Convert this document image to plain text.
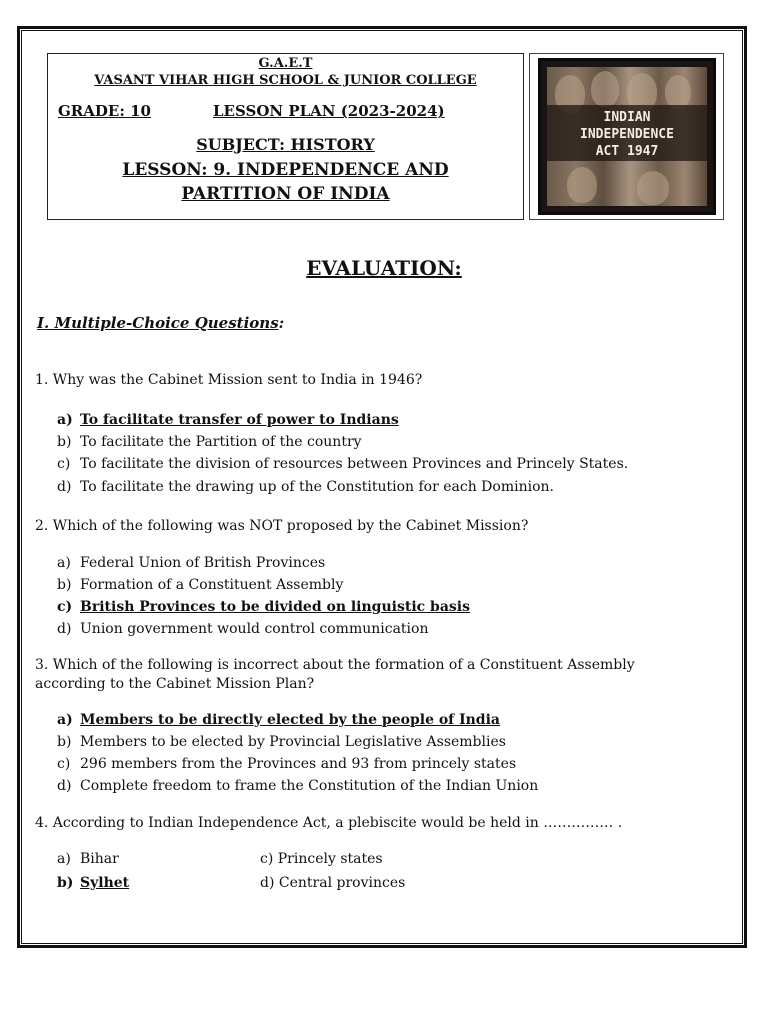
G.A.E.T
VASANT VIHAR HIGH SCHOOL & JUNIOR COLLEGE
GRADE: 10	LESSON PLAN (2023-2024)
SUBJECT: HISTORY
LESSON: 9. INDEPENDENCE AND
PARTITION OF INDIA
INDIAN
INDEPENDENCE
ACT 1947
EVALUATION:
I. Multiple-Choice Questions:
1. Why was the Cabinet Mission sent to India in 1946?
a) To facilitate transfer of power to Indians
b) To facilitate the Partition of the country
c) To facilitate the division of resources between Provinces and Princely States.
d) To facilitate the drawing up of the Constitution for each Dominion.
2. Which of the following was NOT proposed by the Cabinet Mission?
a) Federal Union of British Provinces
b) Formation of a Constituent Assembly
c) British Provinces to be divided on linguistic basis
d) Union government would control communication
3. Which of the following is incorrect about the formation of a Constituent Assembly
according to the Cabinet Mission Plan?
a) Members to be directly elected by the people of India
b) Members to be elected by Provincial Legislative Assemblies
c) 296 members from the Provinces and 93 from princely states
d) Complete freedom to frame the Constitution of the Indian Union
4. According to Indian Independence Act, a plebiscite would be held in …………… .
a) Bihar
b) Sylhet
c) Princely states
d) Central provinces
